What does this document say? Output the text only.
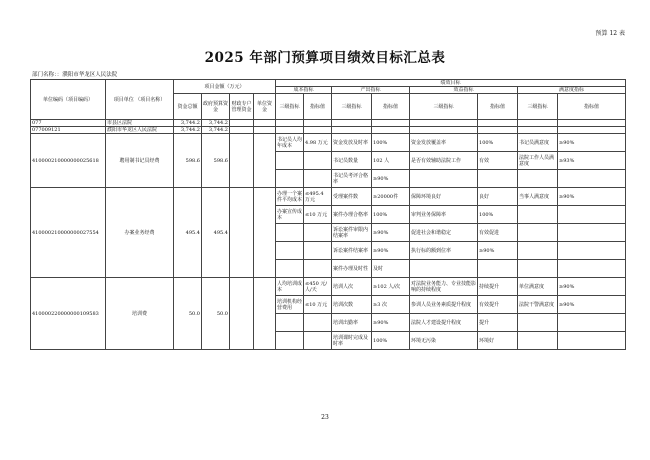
预算 12 表
2025 年部门预算项目绩效目标汇总表
部门名称：：濮阳市华龙区人民法院
单位编码（项目编码）	项目单位 （项目名称）	项目金额（万元）				绩效目标							
						成本指标		产出指标		效益指标		满意度指标	
		资金总额	政府预算资金	财政专户管理资金	单位资金	三级指标	指标值	三级指标	指标值	三级指标	指标值	三级指标	指标值
077	市县区法院	3,744.2	3,744.2										
077009121	濮阳市华龙区人民法院	3,744.2	3,744.2										
410000210000000025618	聘用制书记员经费	598.6	598.6			书记员人均年成本	4.98 万元	资金发放及时率	100%	资金发放覆盖率	100%	书记员满意度	≥90%
								书记员数量	102 人	是否有效辅助法院工作	有效	法院工作人员满意度	≥93%
								书记员考评合格率	≥90%				
410000210000000027554	办案业务经费	495.4	495.4			办理一个案件平均成本	≤495.4 万元	受理案件数	≥20000件	保障环境良好	良好	当事人满意度	≥90%
						办案宣传成本	≤10 万元	案件办理合格率	100%	审判业务保障率	100%		
								诉讼案件审限内结案率	≥90%	促进社会和谐稳定	有效促进		
								诉讼案件结案率	≥90%	执行标的额到位率	≥90%		
								案件办理及时性	及时				
410000220000000109583	培训费	50.0	50.0			人均培训成本	≤450 元/人/天	培训人次	≥102 人/次	对法院业务能力、专业技能影响的持续程度	持续提升	单位满意度	≥90%
						培训机构经营费用	≤10 万元	培训次数	≥3 次	参训人员业务素质提升程度	有效提升	法院干警满意度	≥90%
								培训出勤率	≥90%	法院人才建设提升程度	提升		
								培训课时完成及时率	100%	环境无污染	环境好		
23
